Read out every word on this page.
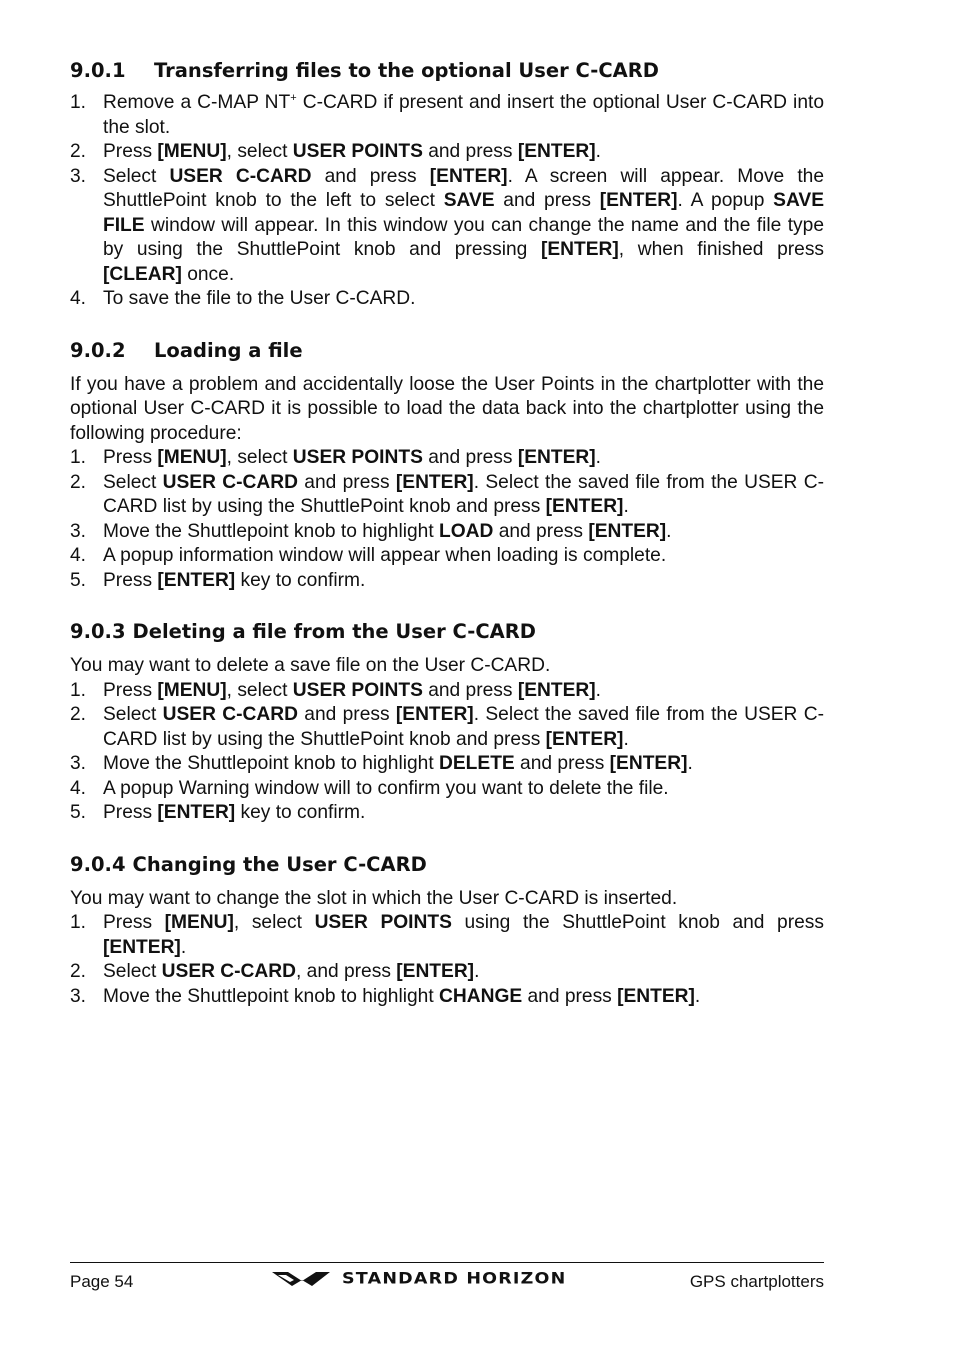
9.0.1 Transferring files to the optional User C-CARD
1. Remove a C-MAP NT+ C-CARD if present and insert the optional User C-CARD into the slot.
2. Press [MENU], select USER POINTS and press [ENTER].
3. Select USER C-CARD and press [ENTER]. A screen will appear. Move the ShuttlePoint knob to the left to select SAVE and press [ENTER]. A popup SAVE FILE window will appear. In this window you can change the name and the file type by using the ShuttlePoint knob and pressing [ENTER], when finished press [CLEAR] once.
4. To save the file to the User C-CARD.
9.0.2 Loading a file

If you have a problem and accidentally loose the User Points in the chartplotter with the optional User C-CARD it is possible to load the data back into the chartplotter using the following procedure:

1. Press [MENU], select USER POINTS and press [ENTER].
2. Select USER C-CARD and press [ENTER]. Select the saved file from the USER C-CARD list by using the ShuttlePoint knob and press [ENTER].
3. Move the Shuttlepoint knob to highlight LOAD and press [ENTER].
4. A popup information window will appear when loading is complete.
5. Press [ENTER] key to confirm.
9.0.3 Deleting a file from the User C-CARD

You may want to delete a save file on the User C-CARD.

1. Press [MENU], select USER POINTS and press [ENTER].
2. Select USER C-CARD and press [ENTER]. Select the saved file from the USER C-CARD list by using the ShuttlePoint knob and press [ENTER].
3. Move the Shuttlepoint knob to highlight DELETE and press [ENTER].
4. A popup Warning window will to confirm you want to delete the file.
5. Press [ENTER] key to confirm.
9.0.4 Changing the User C-CARD

You may want to change the slot in which the User C-CARD is inserted.

1. Press [MENU], select USER POINTS using the ShuttlePoint knob and press [ENTER].
2. Select USER C-CARD, and press [ENTER].
3. Move the Shuttlepoint knob to highlight CHANGE and press [ENTER].
Page 54	STANDARD HORIZON	GPS chartplotters
